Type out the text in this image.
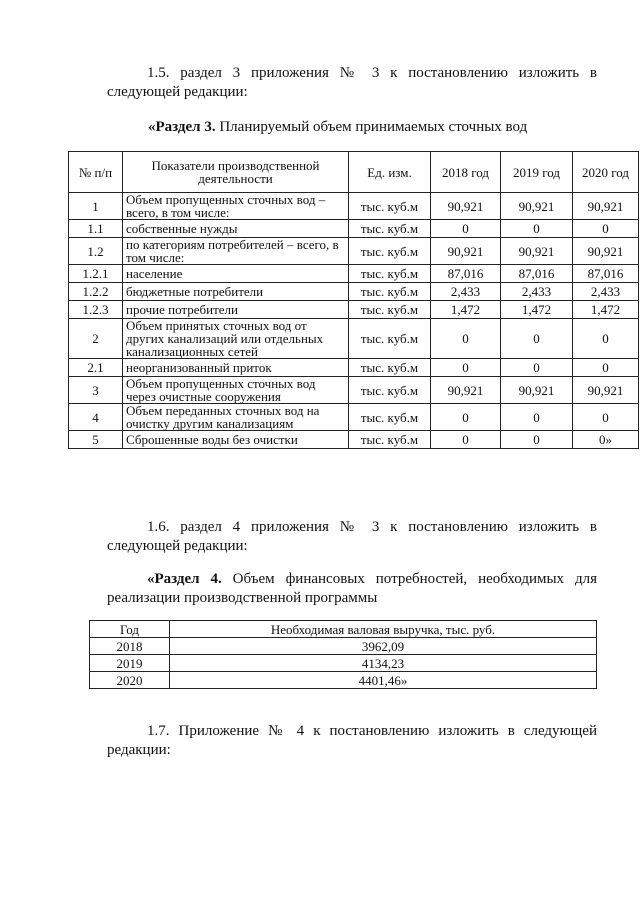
1.5. раздел 3 приложения № 3 к постановлению изложить в следующей редакции:
«Раздел 3. Планируемый объем принимаемых сточных вод
№ п/п	Показатели производственной деятельности	Ед. изм.	2018 год	2019 год	2020 год
1	Объем пропущенных сточных вод – всего, в том числе:	тыс. куб.м	90,921	90,921	90,921
1.1	собственные нужды	тыс. куб.м	0	0	0
1.2	по категориям потребителей – всего, в том числе:	тыс. куб.м	90,921	90,921	90,921
1.2.1	население	тыс. куб.м	87,016	87,016	87,016
1.2.2	бюджетные потребители	тыс. куб.м	2,433	2,433	2,433
1.2.3	прочие потребители	тыс. куб.м	1,472	1,472	1,472
2	Объем принятых сточных вод от других канализаций или отдельных канализационных сетей	тыс. куб.м	0	0	0
2.1	неорганизованный приток	тыс. куб.м	0	0	0
3	Объем пропущенных сточных вод через очистные сооружения	тыс. куб.м	90,921	90,921	90,921
4	Объем переданных сточных вод на очистку другим канализациям	тыс. куб.м	0	0	0
5	Сброшенные воды без очистки	тыс. куб.м	0	0	0»
1.6. раздел 4 приложения № 3 к постановлению изложить в следующей редакции:
«Раздел 4. Объем финансовых потребностей, необходимых для реализации производственной программы
Год	Необходимая валовая выручка, тыс. руб.
2018	3962,09
2019	4134,23
2020	4401,46»
1.7. Приложение № 4 к постановлению изложить в следующей редакции:
